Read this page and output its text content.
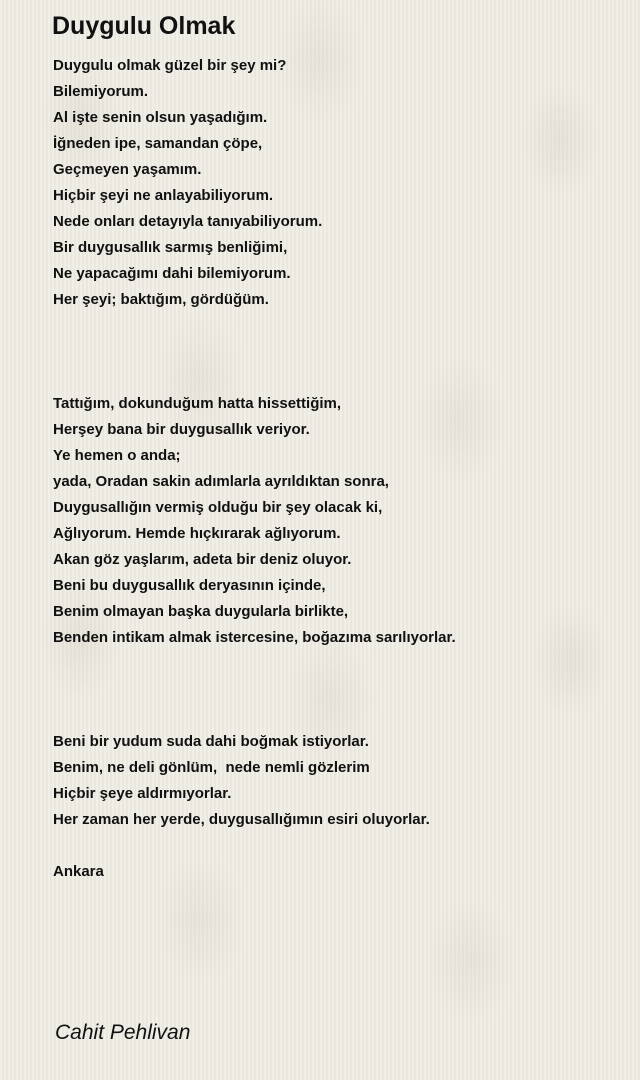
Duygulu Olmak
Duygulu olmak güzel bir şey mi?
Bilemiyorum.
Al işte senin olsun yaşadığım.
İğneden ipe, samandan çöpe,
Geçmeyen yaşamım.
Hiçbir şeyi ne anlayabiliyorum.
Nede onları detayıyla tanıyabiliyorum.
Bir duygusallık sarmış benliğimi,
Ne yapacağımı dahi bilemiyorum.
Her şeyi; baktığım, gördüğüm.
Tattığım, dokunduğum hatta hissettiğim,
Herşey bana bir duygusallık veriyor.
Ye hemen o anda;
yada, Oradan sakin adımlarla ayrıldıktan sonra,
Duygusallığın vermiş olduğu bir şey olacak ki,
Ağlıyorum. Hemde hıçkırarak ağlıyorum.
Akan göz yaşlarım, adeta bir deniz oluyor.
Beni bu duygusallık deryasının içinde,
Benim olmayan başka duygularla birlikte,
Benden intikam almak istercesine, boğazıma sarılıyorlar.
Beni bir yudum suda dahi boğmak istiyorlar.
Benim, ne deli gönlüm,  nede nemli gözlerim
Hiçbir şeye aldırmıyorlar.
Her zaman her yerde, duygusallığımın esiri oluyorlar.
Ankara
Cahit Pehlivan
